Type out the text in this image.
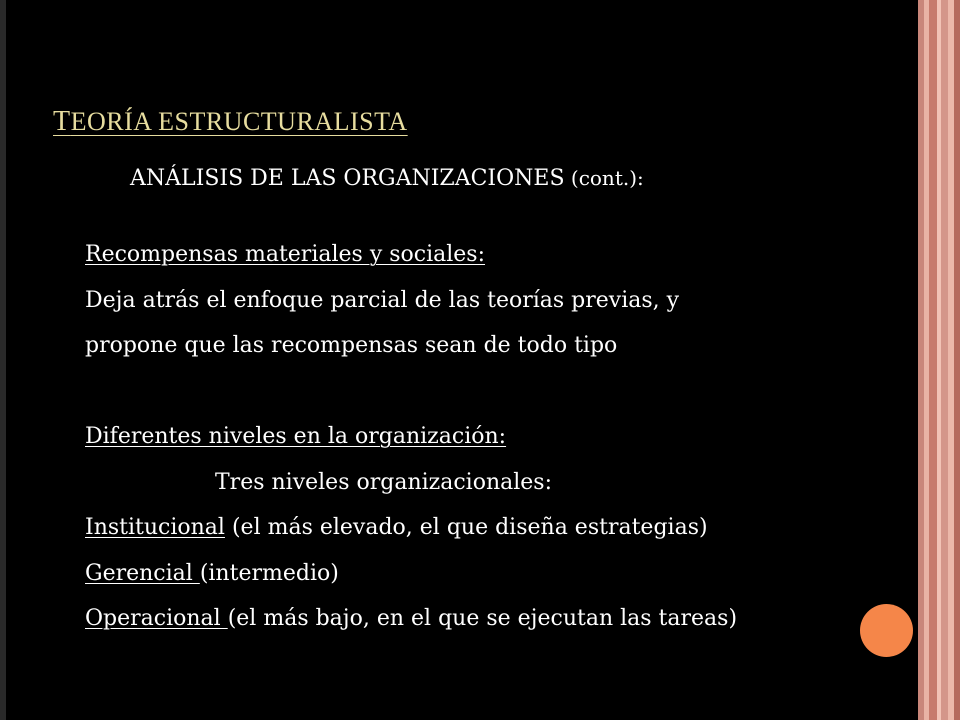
TEORÍA ESTRUCTURALISTA
ANÁLISIS DE LAS ORGANIZACIONES (cont.):
Recompensas materiales y sociales:
Deja atrás el enfoque parcial de las teorías previas, y
propone que las recompensas sean de todo tipo
Diferentes niveles en la organización:
Tres niveles organizacionales:
Institucional (el más elevado, el que diseña estrategias)
Gerencial (intermedio)
Operacional (el más bajo, en el que se ejecutan las tareas)
